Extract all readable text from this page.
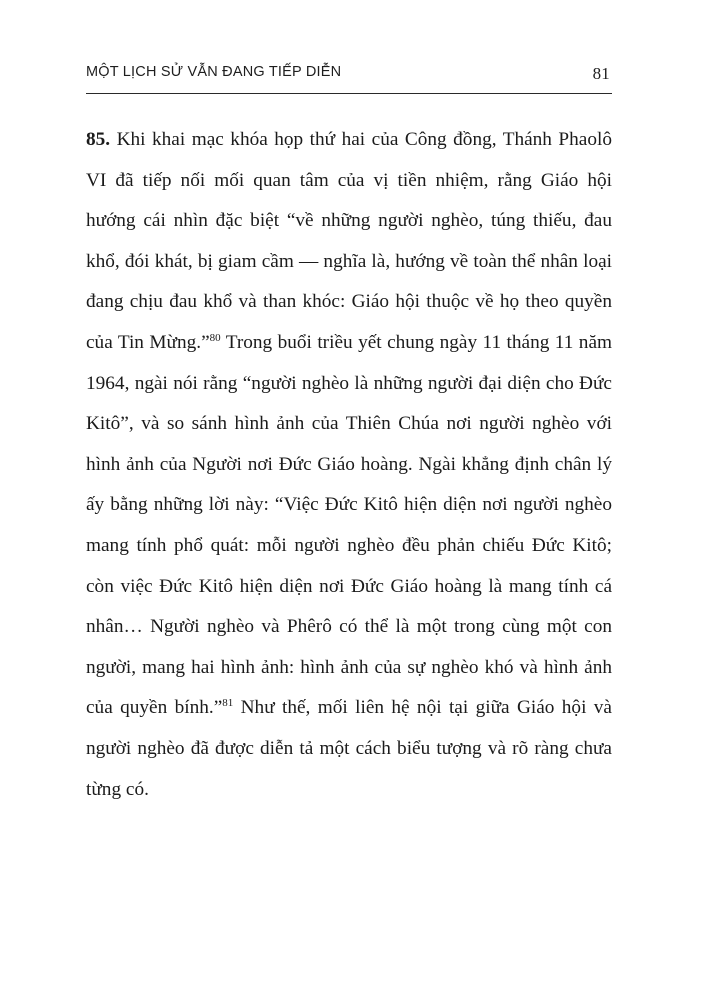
MỘT LỊCH SỬ VẪN ĐANG TIẾP DIỄN	81
85. Khi khai mạc khóa họp thứ hai của Công đồng, Thánh Phaolô
VI đã tiếp nối mối quan tâm của vị tiền nhiệm, rằng Giáo hội
hướng cái nhìn đặc biệt “về những người nghèo, túng thiếu, đau
khổ, đói khát, bị giam cầm — nghĩa là, hướng về toàn thể nhân loại
đang chịu đau khổ và than khóc: Giáo hội thuộc về họ theo quyền
của Tin Mừng.”$^{80}$ Trong buổi triều yết chung ngày 11 tháng 11 năm
1964, ngài nói rằng “người nghèo là những người đại diện cho Đức
Kitô”, và so sánh hình ảnh của Thiên Chúa nơi người nghèo với
hình ảnh của Người nơi Đức Giáo hoàng. Ngài khẳng định chân lý
ấy bằng những lời này: “Việc Đức Kitô hiện diện nơi người nghèo
mang tính phổ quát: mỗi người nghèo đều phản chiếu Đức Kitô;
còn việc Đức Kitô hiện diện nơi Đức Giáo hoàng là mang tính cá
nhân… Người nghèo và Phêrô có thể là một trong cùng một con
người, mang hai hình ảnh: hình ảnh của sự nghèo khó và hình ảnh
của quyền bính.”$^{81}$ Như thế, mối liên hệ nội tại giữa Giáo hội và
người nghèo đã được diễn tả một cách biểu tượng và rõ ràng chưa
từng có.
